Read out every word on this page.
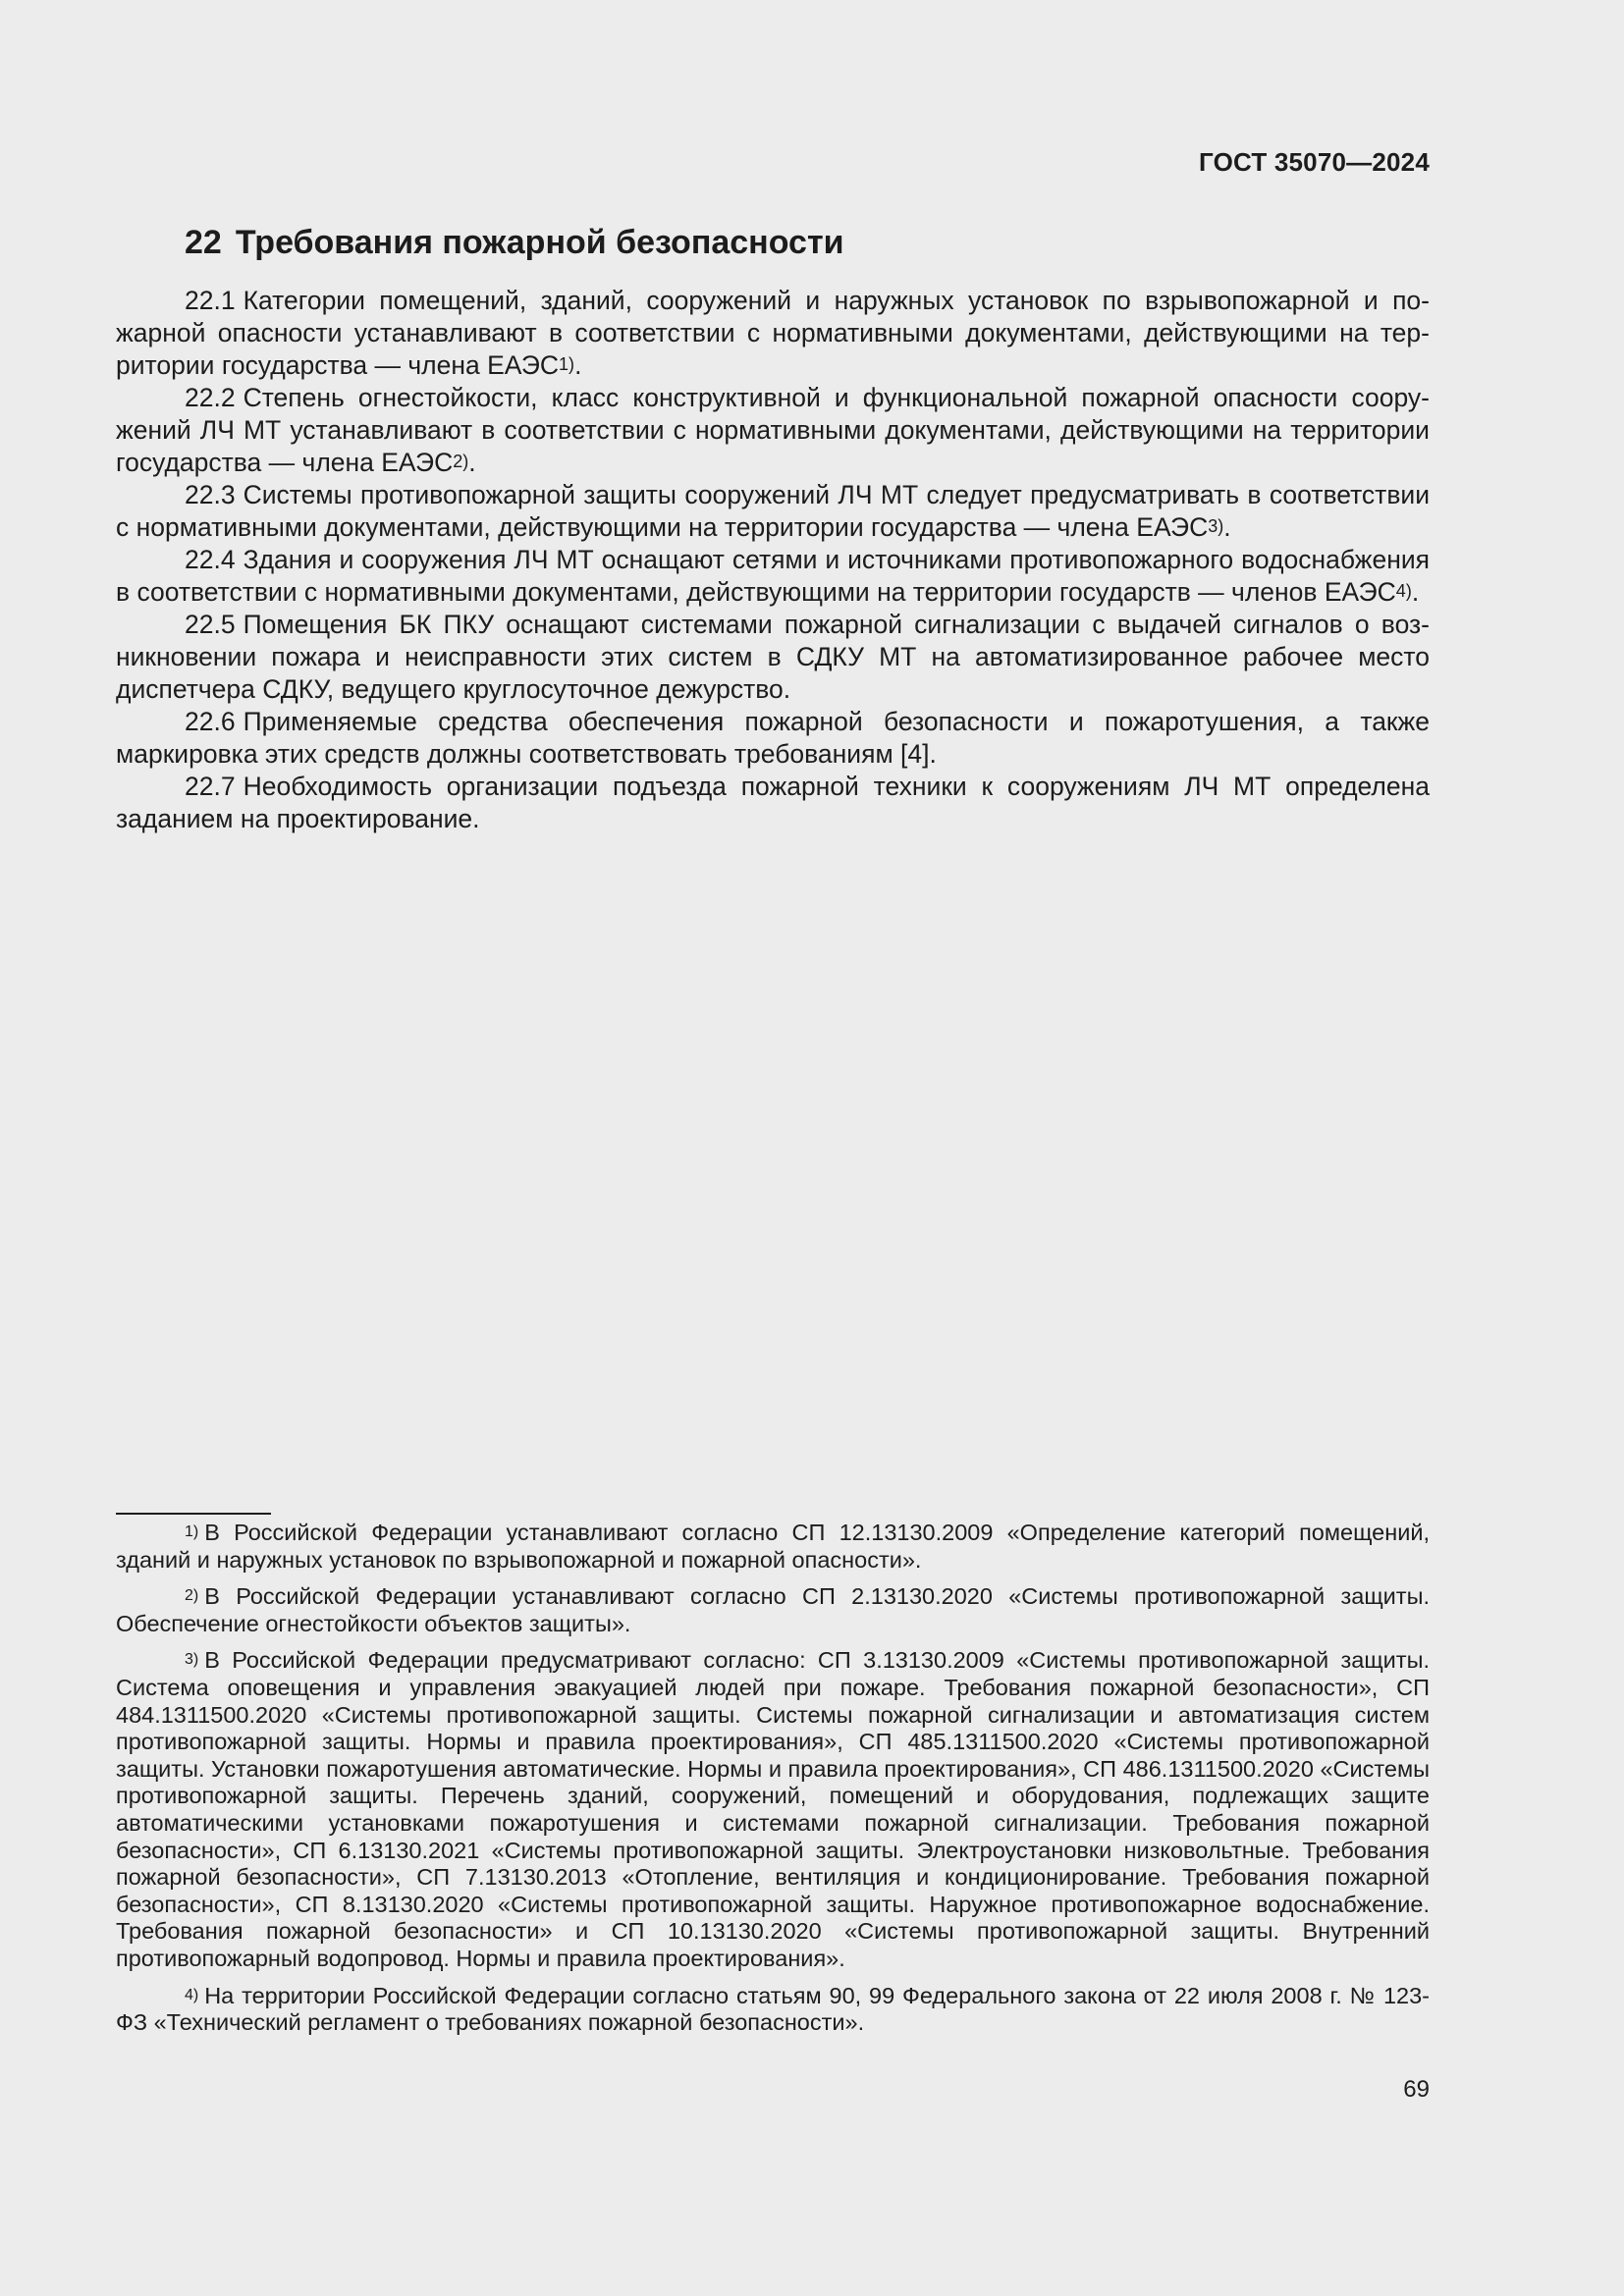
ГОСТ 35070—2024
22 Требования пожарной безопасности

22.1 Категории помещений, зданий, сооружений и наружных установок по взрывопожарной и пожарной опасности устанавливают в соответствии с нормативными документами, действующими на территории государства — члена ЕАЭС$^{1)}$.

22.2 Степень огнестойкости, класс конструктивной и функциональной пожарной опасности сооружений ЛЧ МТ устанавливают в соответствии с нормативными документами, действующими на территории государства — члена ЕАЭС$^{2)}$.

22.3 Системы противопожарной защиты сооружений ЛЧ МТ следует предусматривать в соответствии с нормативными документами, действующими на территории государства — члена ЕАЭС$^{3)}$.

22.4 Здания и сооружения ЛЧ МТ оснащают сетями и источниками противопожарного водоснабжения в соответствии с нормативными документами, действующими на территории государств — членов ЕАЭС$^{4)}$.

22.5 Помещения БК ПКУ оснащают системами пожарной сигнализации с выдачей сигналов о возникновении пожара и неисправности этих систем в СДКУ МТ на автоматизированное рабочее место диспетчера СДКУ, ведущего круглосуточное дежурство.

22.6 Применяемые средства обеспечения пожарной безопасности и пожаротушения, а также маркировка этих средств должны соответствовать требованиям [4].

22.7 Необходимость организации подъезда пожарной техники к сооружениям ЛЧ МТ определена заданием на проектирование.

$^{1)}$ В Российской Федерации устанавливают согласно СП 12.13130.2009 «Определение категорий помещений, зданий и наружных установок по взрывопожарной и пожарной опасности».

$^{2)}$ В Российской Федерации устанавливают согласно СП 2.13130.2020 «Системы противопожарной защиты. Обеспечение огнестойкости объектов защиты».

$^{3)}$ В Российской Федерации предусматривают согласно: СП 3.13130.2009 «Системы противопожарной защиты. Система оповещения и управления эвакуацией людей при пожаре. Требования пожарной безопасности», СП 484.1311500.2020 «Системы противопожарной защиты. Системы пожарной сигнализации и автоматизация систем противопожарной защиты. Нормы и правила проектирования», СП 485.1311500.2020 «Системы противопожарной защиты. Установки пожаротушения автоматические. Нормы и правила проектирования», СП 486.1311500.2020 «Системы противопожарной защиты. Перечень зданий, сооружений, помещений и оборудования, подлежащих защите автоматическими установками пожаротушения и системами пожарной сигнализации. Требования пожарной безопасности», СП 6.13130.2021 «Системы противопожарной защиты. Электроустановки низковольтные. Требования пожарной безопасности», СП 7.13130.2013 «Отопление, вентиляция и кондиционирование. Требования пожарной безопасности», СП 8.13130.2020 «Системы противопожарной защиты. Наружное противопожарное водоснабжение. Требования пожарной безопасности» и СП 10.13130.2020 «Системы противопожарной защиты. Внутренний противопожарный водопровод. Нормы и правила проектирования».

$^{4)}$ На территории Российской Федерации согласно статьям 90, 99 Федерального закона от 22 июля 2008 г. № 123-ФЗ «Технический регламент о требованиях пожарной безопасности».

69
